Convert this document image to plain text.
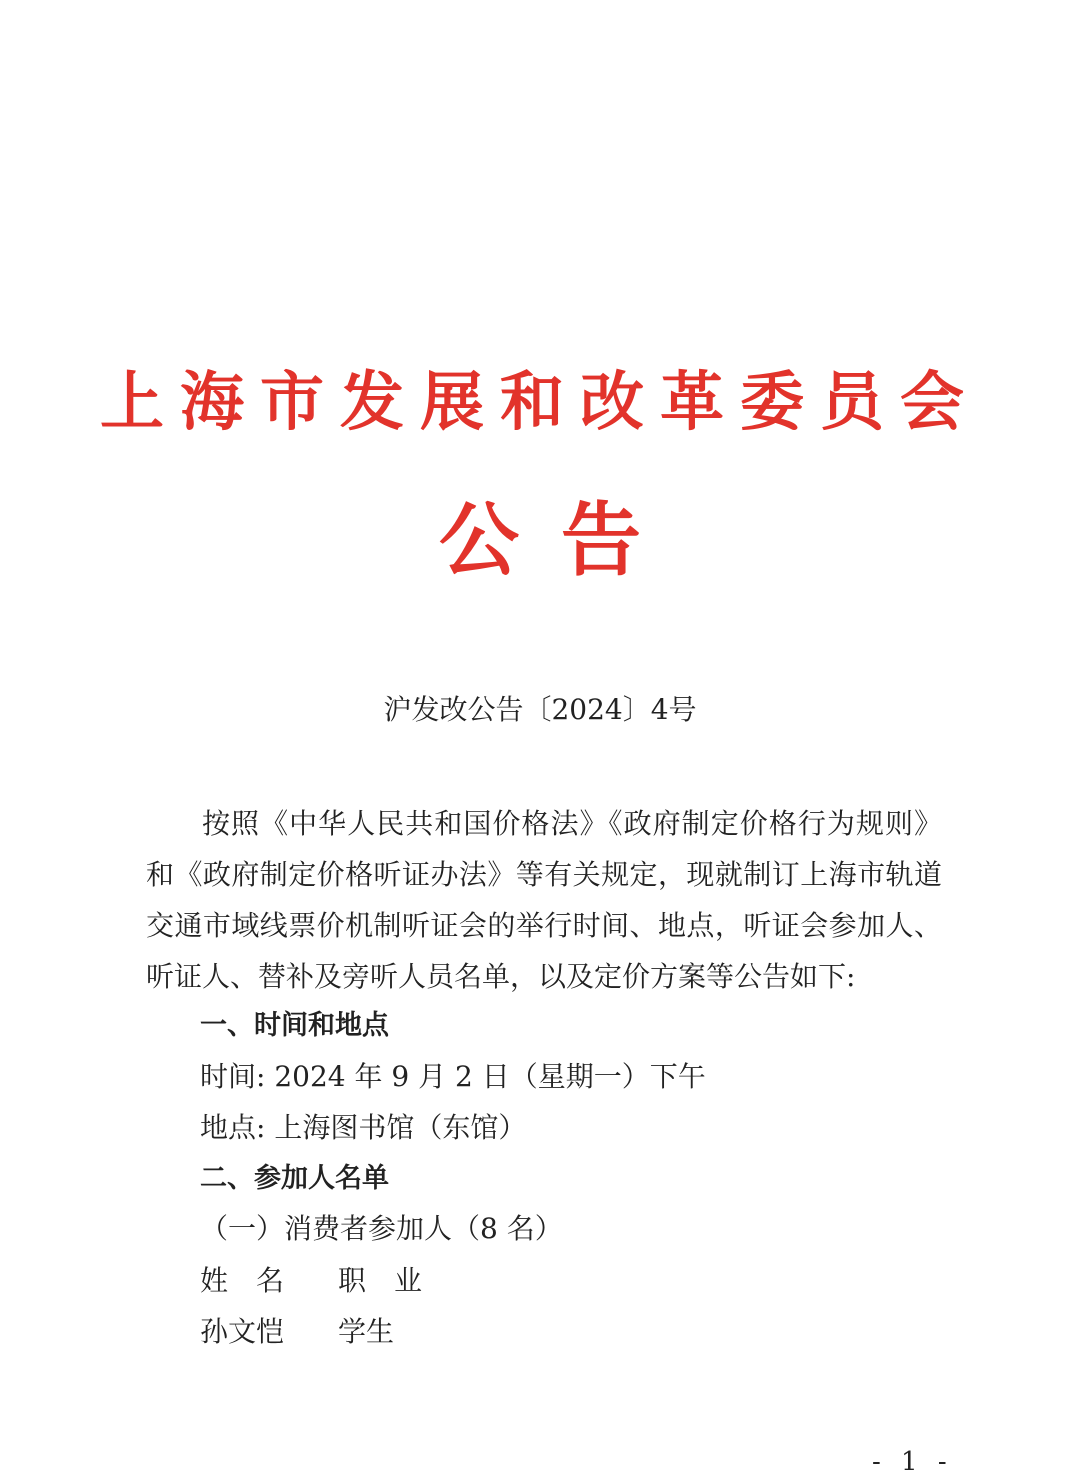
上海市发展和改革委员会
公告
沪发改公告〔2024〕4号

按照《中华人民共和国价格法》《政府制定价格行为规则》和《政府制定价格听证办法》等有关规定，现就制订上海市轨道交通市域线票价机制听证会的举行时间、地点，听证会参加人、听证人、替补及旁听人员名单，以及定价方案等公告如下:

一、时间和地点

时间: 2024 年 9 月 2 日（星期一）下午

地点: 上海图书馆（东馆）

二、参加人名单

（一）消费者参加人（8 名）

姓名 职业
孙文恺 学生
- 1 -
